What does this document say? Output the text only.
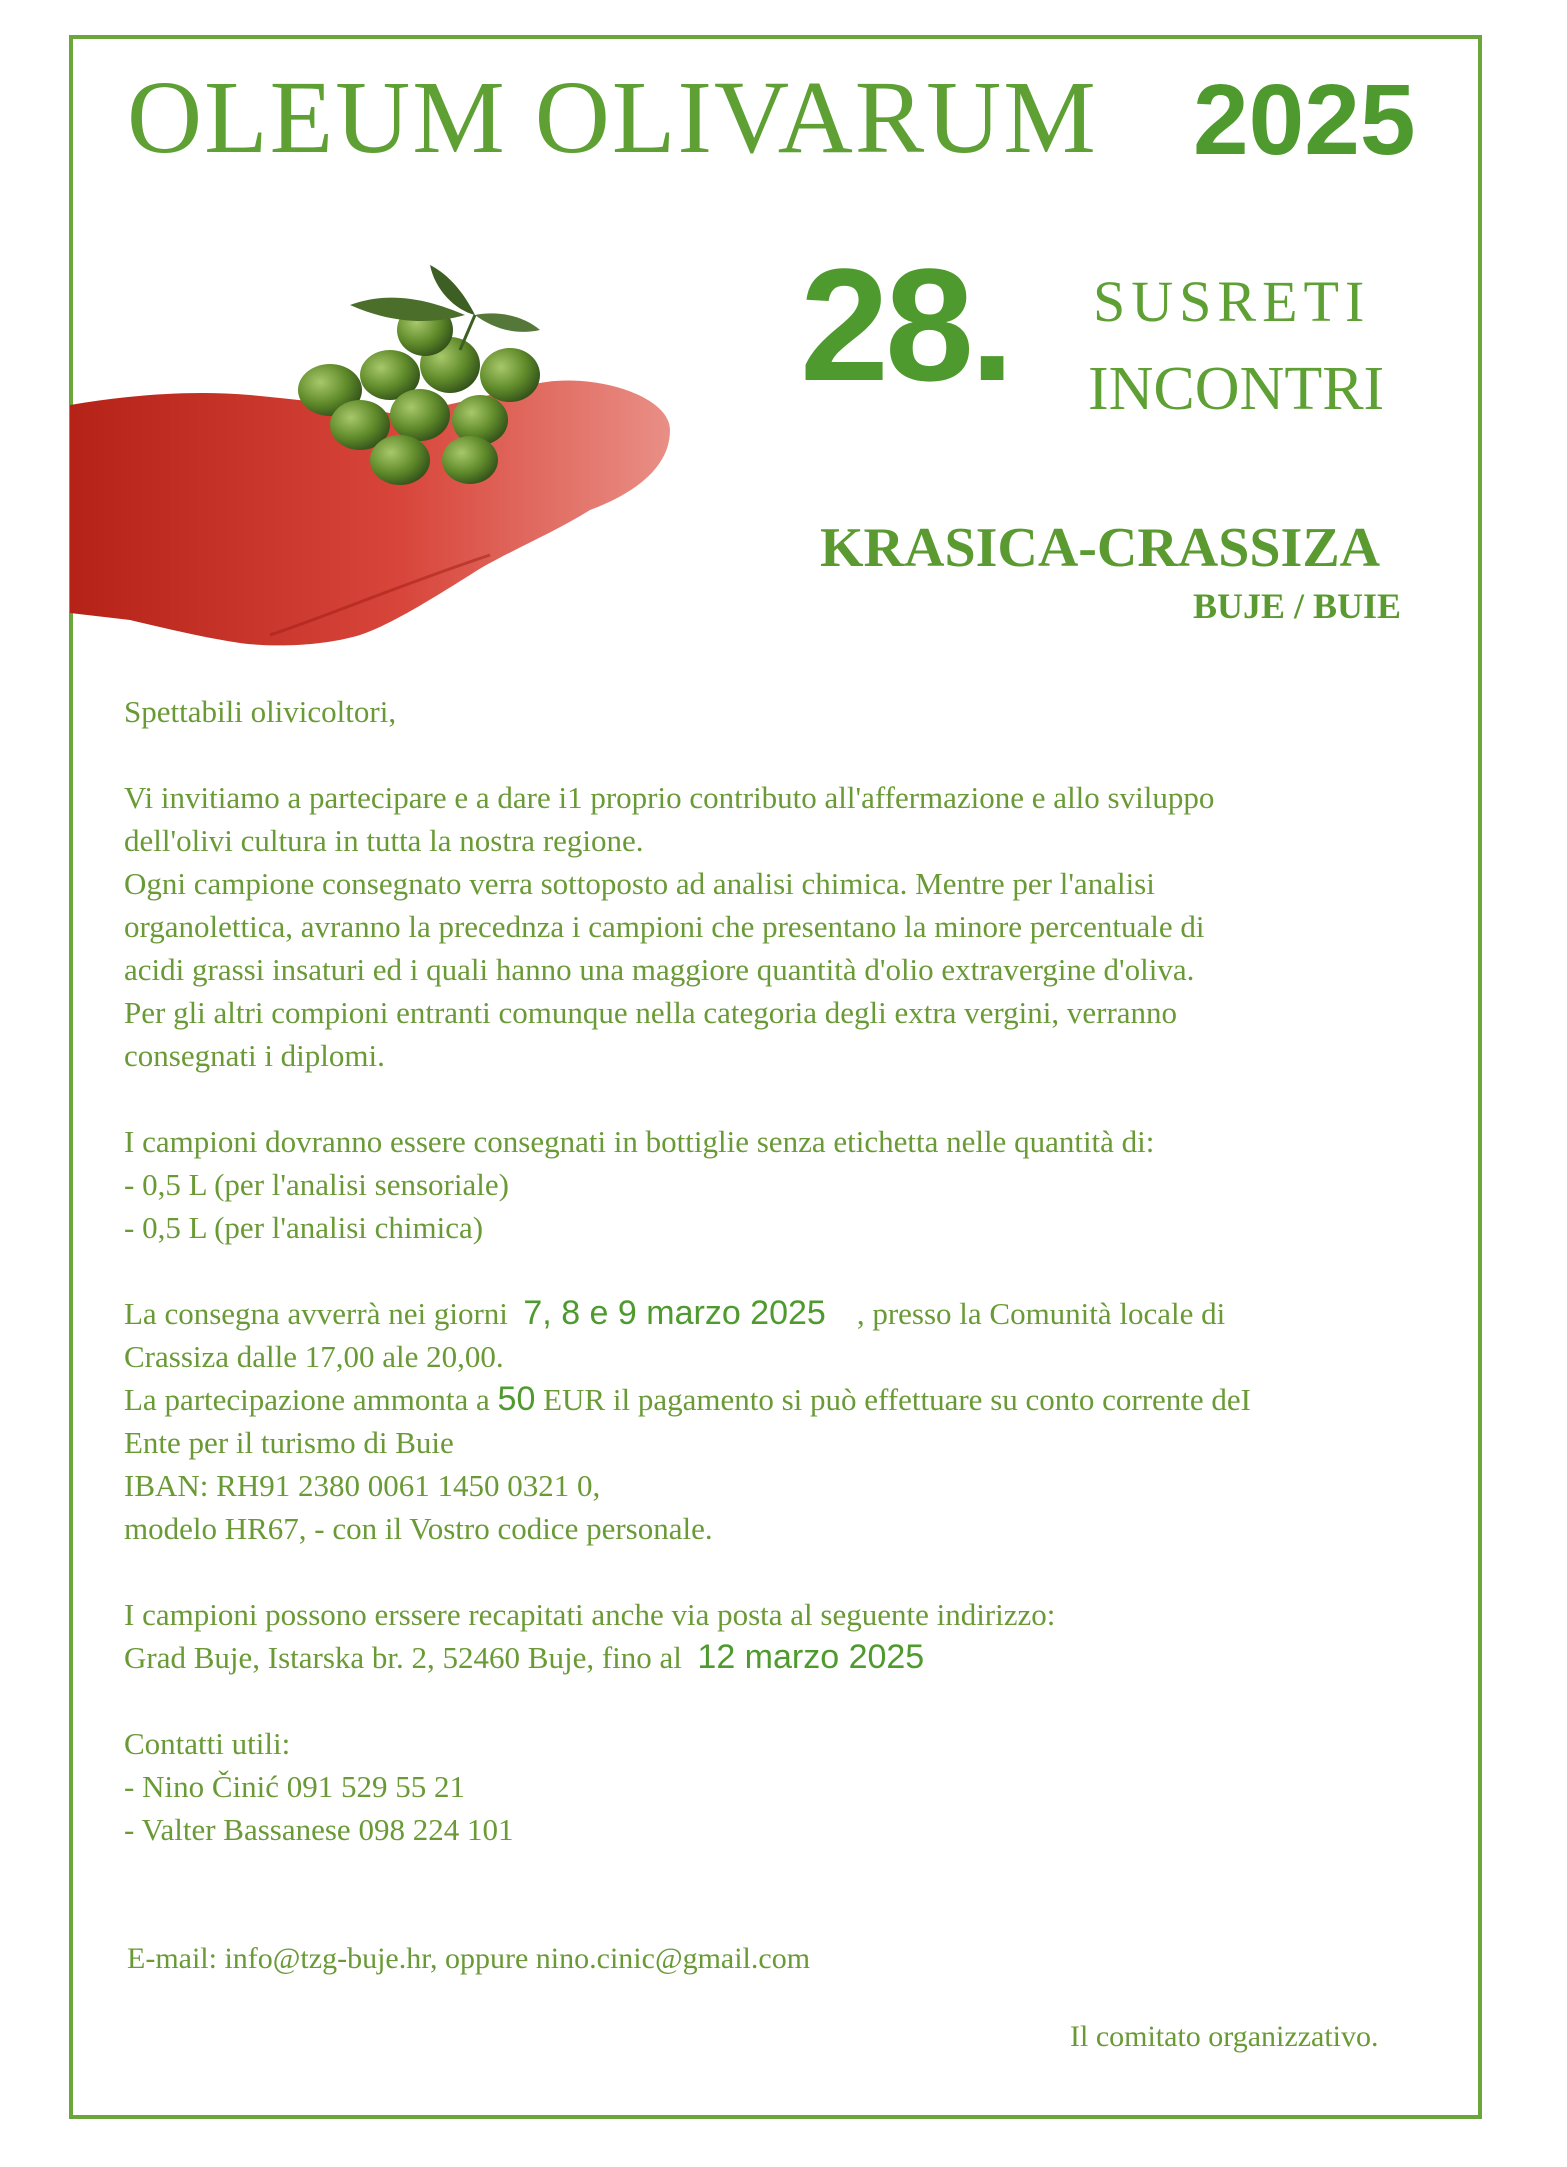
OLEUM OLIVARUM 2025
28. SUSRETI
INCONTRI
KRASICA-CRASSIZA
BUJE / BUIE

Spettabili olivicoltori,

Vi invitiamo a partecipare e a dare i1 proprio contributo all'affermazione e allo sviluppo

dell'olivi cultura in tutta la nostra regione.

Ogni campione consegnato verra sottoposto ad analisi chimica. Mentre per l'analisi

organolettica, avranno la precednza i campioni che presentano la minore percentuale di

acidi grassi insaturi ed i quali hanno una maggiore quantità d'olio extravergine d'oliva.

Per gli altri compioni entranti comunque nella categoria degli extra vergini, verranno

consegnati i diplomi.

I campioni dovranno essere consegnati in bottiglie senza etichetta nelle quantità di:

- 0,5 L (per l'analisi sensoriale)

- 0,5 L (per l'analisi chimica)

La consegna avverrà nei giorni 7, 8 e 9 marzo 2025 , presso la Comunità locale di

Crassiza dalle 17,00 ale 20,00.

La partecipazione ammonta a 50 EUR il pagamento si può effettuare su conto corrente deI

Ente per il turismo di Buie

IBAN: RH91 2380 0061 1450 0321 0,

modelo HR67, - con il Vostro codice personale.

I campioni possono erssere recapitati anche via posta al seguente indirizzo:

Grad Buje, Istarska br. 2, 52460 Buje, fino al 12 marzo 2025

Contatti utili:

- Nino Činić 091 529 55 21

- Valter Bassanese 098 224 101

E-mail: info@tzg-buje.hr, oppure nino.cinic@gmail.com
Il comitato organizzativo.
